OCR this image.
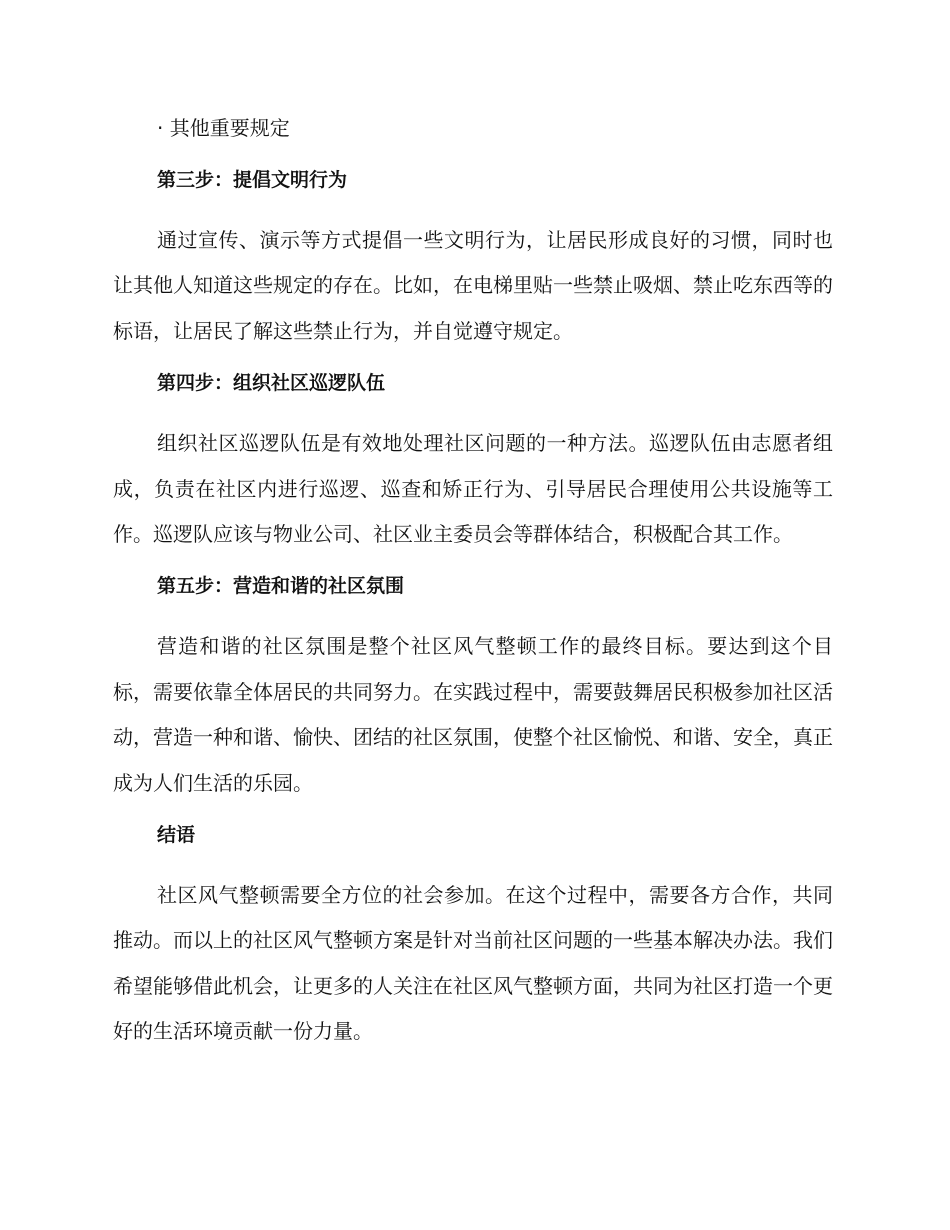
· 其他重要规定

第三步：提倡文明行为

通过宣传、演示等方式提倡一些文明行为，让居民形成良好的习惯，同时也让其他人知道这些规定的存在。比如，在电梯里贴一些禁止吸烟、禁止吃东西等的标语，让居民了解这些禁止行为，并自觉遵守规定。

第四步：组织社区巡逻队伍

组织社区巡逻队伍是有效地处理社区问题的一种方法。巡逻队伍由志愿者组成，负责在社区内进行巡逻、巡查和矫正行为、引导居民合理使用公共设施等工作。巡逻队应该与物业公司、社区业主委员会等群体结合，积极配合其工作。

第五步：营造和谐的社区氛围

营造和谐的社区氛围是整个社区风气整顿工作的最终目标。要达到这个目标，需要依靠全体居民的共同努力。在实践过程中，需要鼓舞居民积极参加社区活动，营造一种和谐、愉快、团结的社区氛围，使整个社区愉悦、和谐、安全，真正成为人们生活的乐园。

结语

社区风气整顿需要全方位的社会参加。在这个过程中，需要各方合作，共同推动。而以上的社区风气整顿方案是针对当前社区问题的一些基本解决办法。我们希望能够借此机会，让更多的人关注在社区风气整顿方面，共同为社区打造一个更好的生活环境贡献一份力量。
